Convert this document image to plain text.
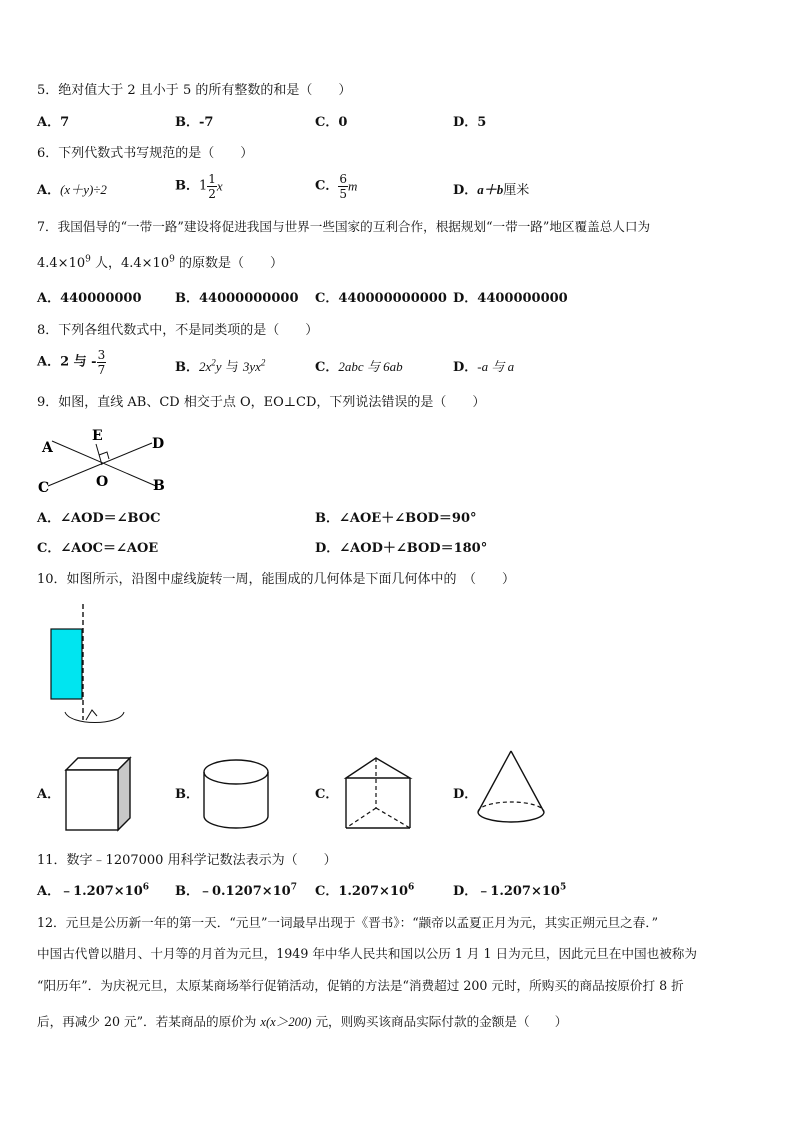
5．绝对值大于 2 且小于 5 的所有整数的和是（　　）
A．7	B．-7	C．0	D．5
6．下列代数式书写规范的是（　　）
A．(x＋y)÷2	B．$1 \frac{1}{2}$ x	C． $\frac{6}{5}$ m	D．a＋b厘米
7．我国倡导的“一带一路”建设将促进我国与世界一些国家的互利合作，根据规划“一带一路”地区覆盖总人口为
$4.4\times 10^9$ 人，$4.4\times 10^9$ 的原数是（　　）
A．440000000	B．44000000000 C．440000000000 D．4400000000
8．下列各组代数式中，不是同类项的是（　　）
A．2 与 - $\frac{3}{7}$	B．$2x^2y$ 与 $3yx^2$	C．2abc 与 6ab	D．-a 与 a
9．如图，直线 AB、CD 相交于点 O，EO⊥CD，下列说法错误的是（　　）
A
E	D
C	O	B
A．∠AOD＝∠BOC	B．∠AOE＋∠BOD＝90°
C．∠AOC＝∠AOE	D．∠AOD＋∠BOD＝180°
10．如图所示，沿图中虚线旋转一周，能围成的几何体是下面几何体中的　（　　）
A．	B．	C．	D．
11．数字﹣1207000 用科学记数法表示为（　　）
A．$﹣1.207\times 10^6$ B．$﹣0.1207\times 10^7$ C．$1.207\times 10^6$	D．$﹣1.207\times 10^5$
12．元旦是公历新一年的第一天．“元旦”一词最早出现于《晋书》：“颛帝以孟夏正月为元，其实正朔元旦之春．”
中国古代曾以腊月、十月等的月首为元旦，1949 年中华人民共和国以公历 1 月 1 日为元旦，因此元旦在中国也被称为
“阳历年”．为庆祝元旦，太原某商场举行促销活动，促销的方法是“消费超过 200 元时，所购买的商品按原价打 8 折
后，再减少 20 元”．若某商品的原价为 x(x＞200) 元，则购买该商品实际付款的金额是（　　）
